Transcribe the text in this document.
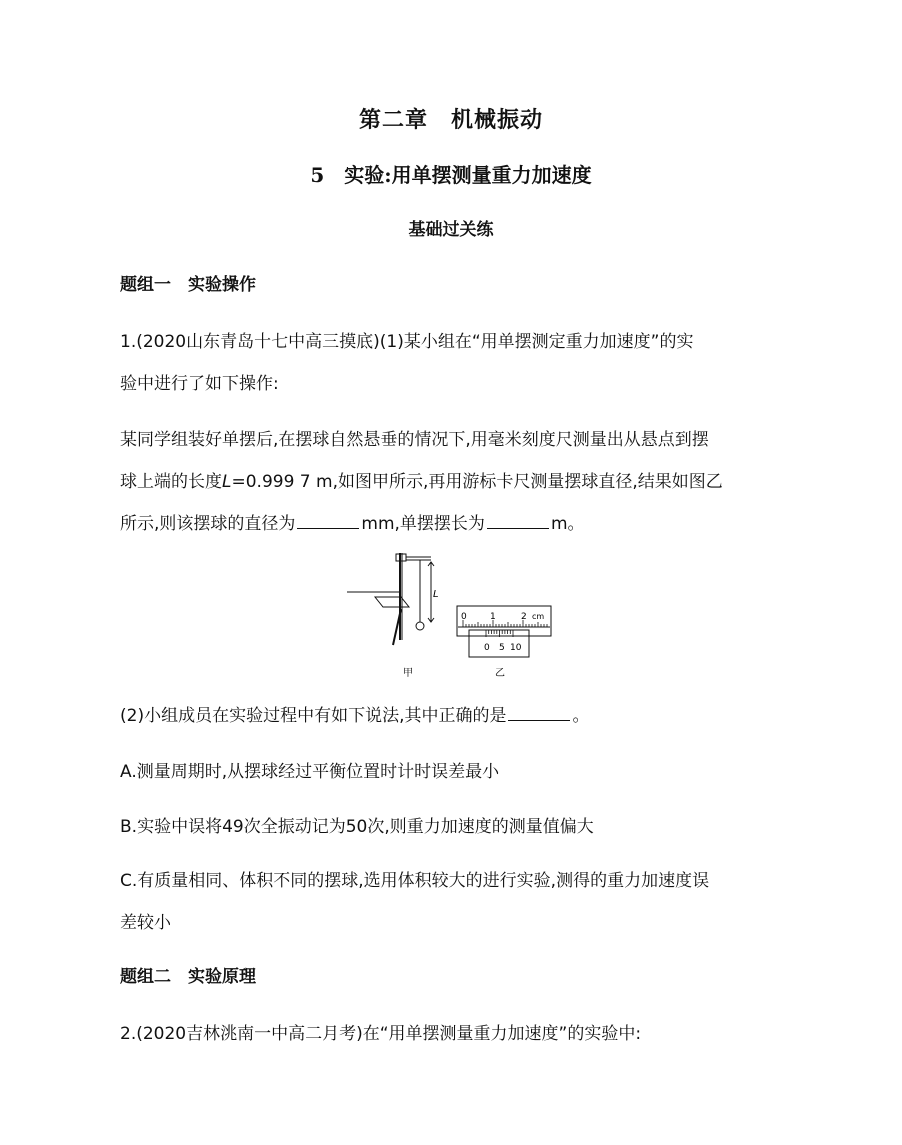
第二章　机械振动
5　实验:用单摆测量重力加速度
基础过关练
题组一　实验操作
1.(2020山东青岛十七中高三摸底)(1)某小组在“用单摆测定重力加速度”的实
验中进行了如下操作:
某同学组装好单摆后,在摆球自然悬垂的情况下,用毫米刻度尺测量出从悬点到摆
球上端的长度L=0.999 7 m,如图甲所示,再用游标卡尺测量摆球直径,结果如图乙
所示,则该摆球的直径为	mm,单摆摆长为	m。
L
甲
0	1	2 cm
0 5 10
乙
(2)小组成员在实验过程中有如下说法,其中正确的是	。
A.测量周期时,从摆球经过平衡位置时计时误差最小
B.实验中误将49次全振动记为50次,则重力加速度的测量值偏大
C.有质量相同、体积不同的摆球,选用体积较大的进行实验,测得的重力加速度误
差较小
题组二　实验原理
2.(2020吉林洮南一中高二月考)在“用单摆测量重力加速度”的实验中:
